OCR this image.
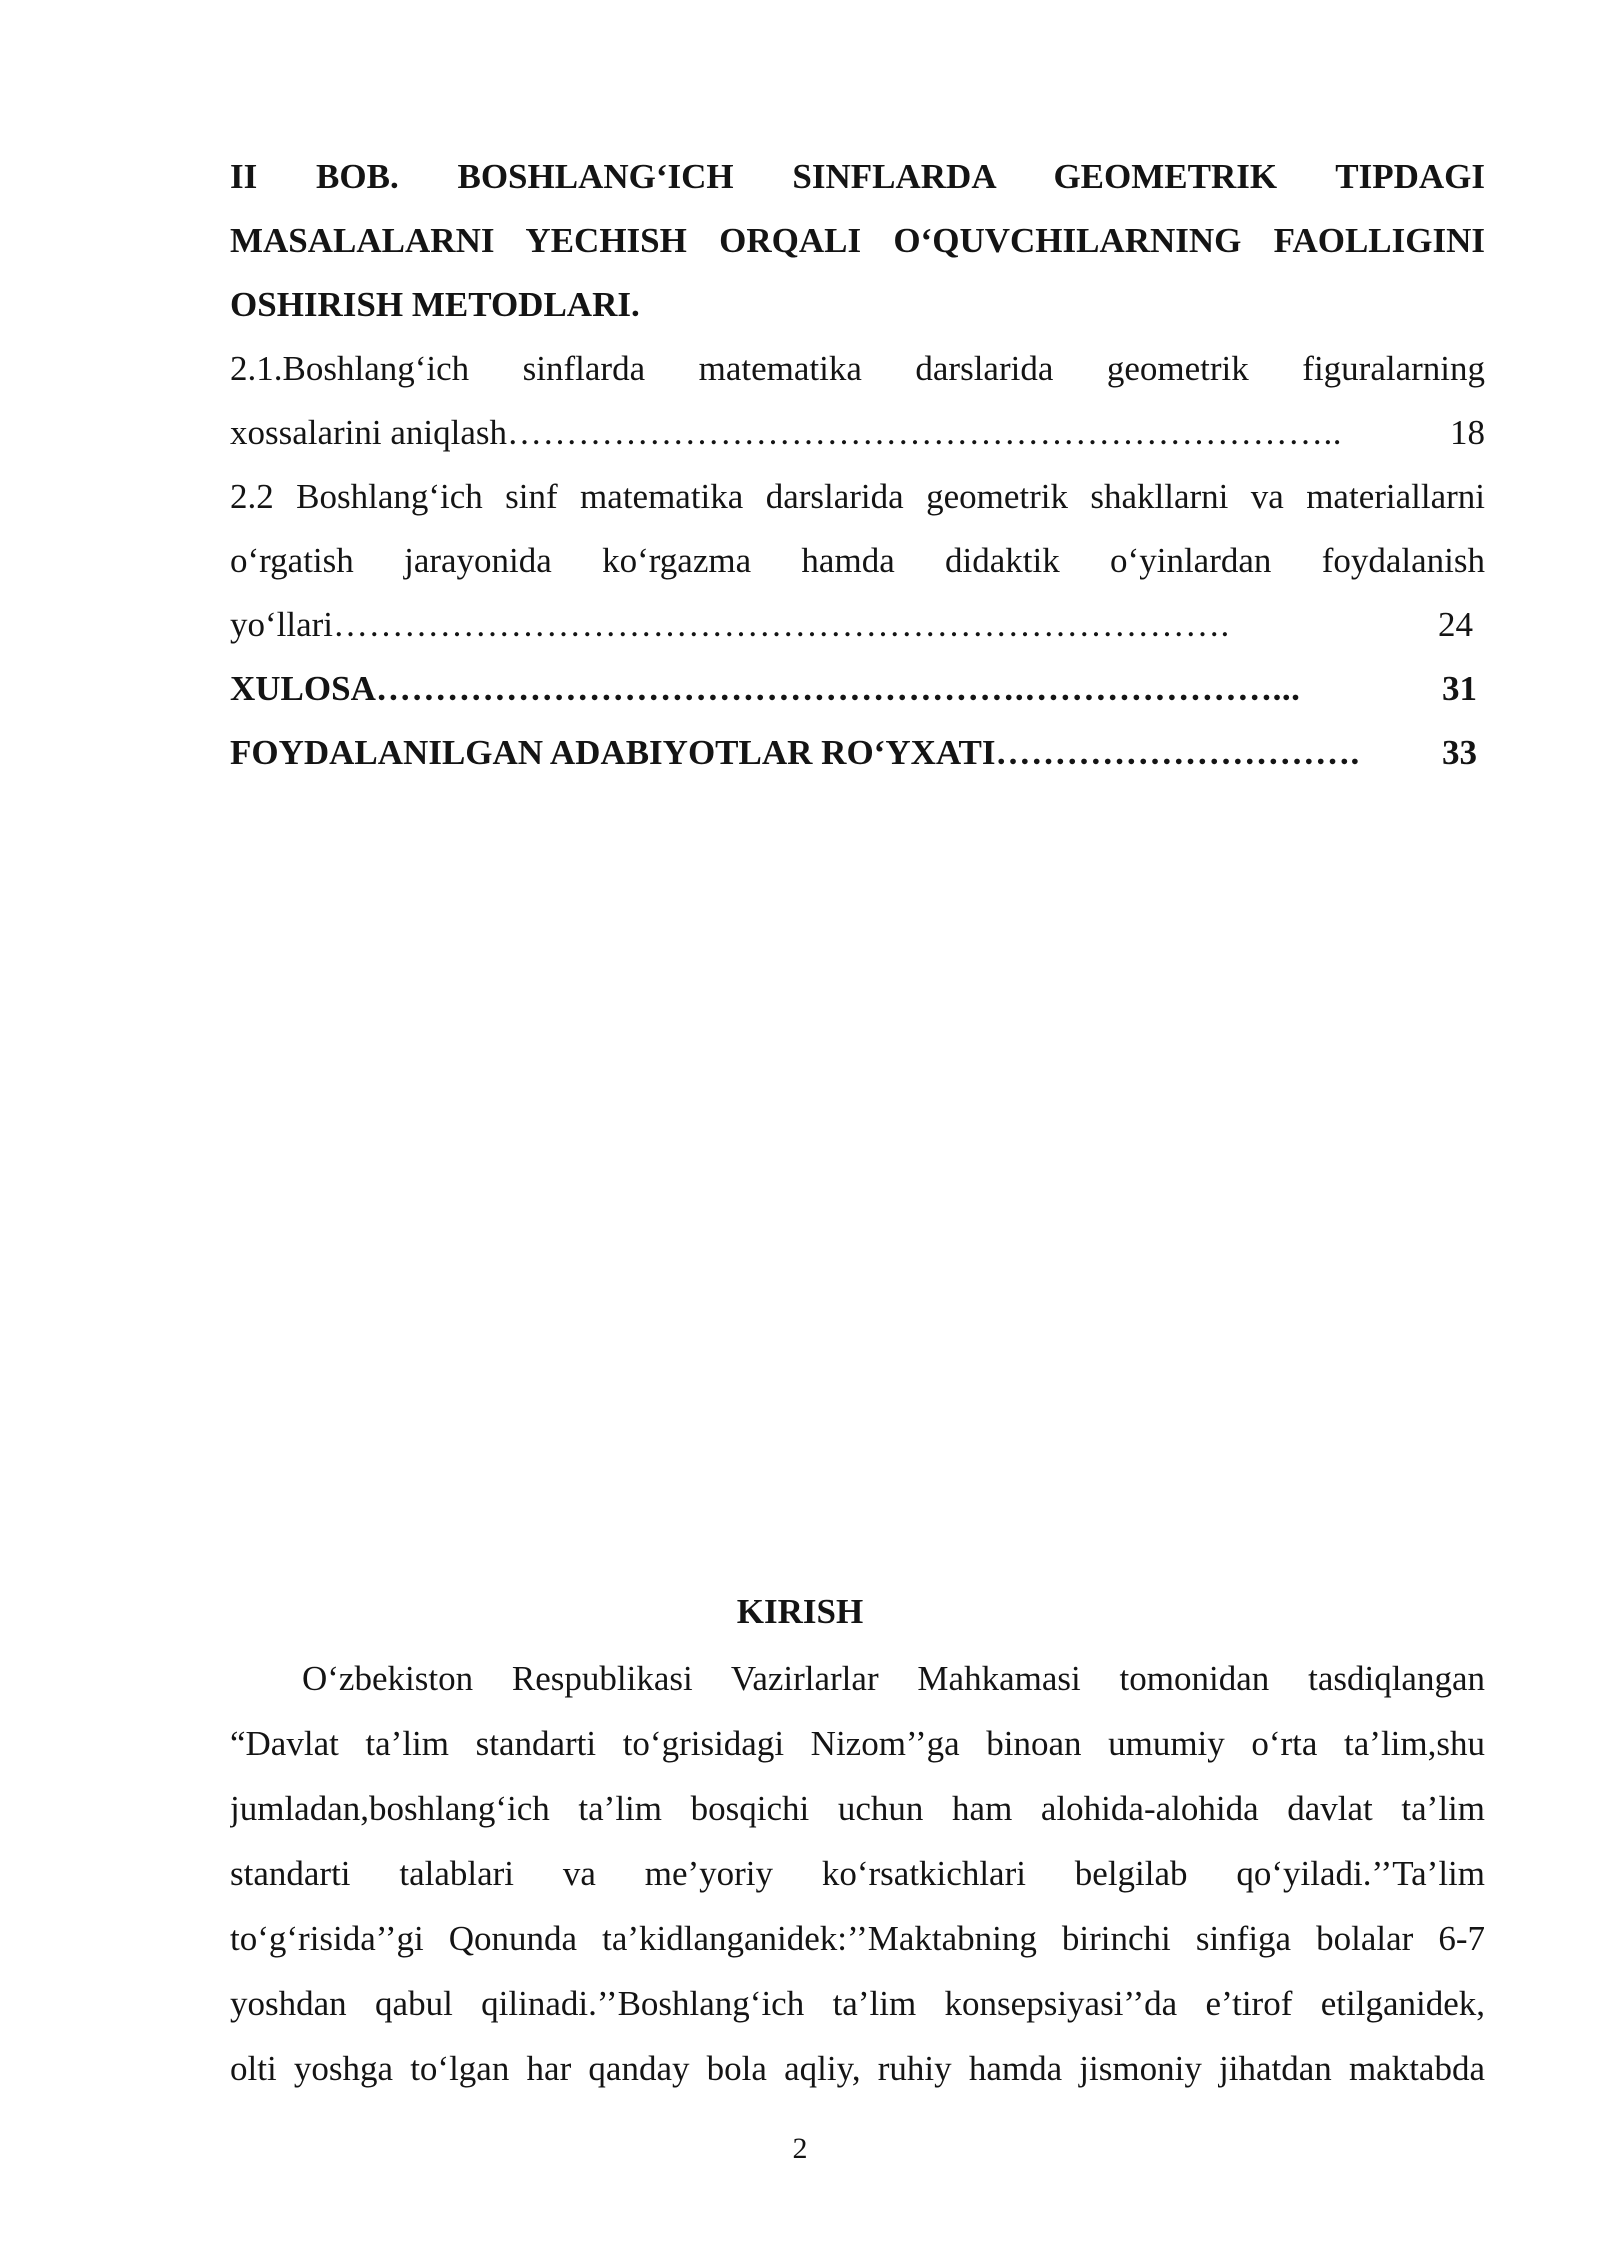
II BOB. BOSHLANG‘ICH SINFLARDA GEOMETRIK TIPDAGI
MASALALARNI YECHISH ORQALI O‘QUVCHILARNING FAOLLIGINI
OSHIRISH METODLARI.
2.1.Boshlang‘ich sinflarda matematika darslarida geometrik figuralarning
xossalarini aniqlash ……………………………………………………………..	18
2.2 Boshlang‘ich sinf matematika darslarida geometrik shakllarni va materiallarni
o‘rgatish jarayonida ko‘rgazma hamda didaktik o‘yinlardan foydalanish
yo‘llari ………………………………………………………………….	24
XULOSA ……………………………………………….…………………...	31
FOYDALANILGAN ADABIYOTLAR RO‘YXATI ………………………….	33
KIRISH
O‘zbekiston Respublikasi Vazirlarlar Mahkamasi tomonidan tasdiqlangan
“Davlat ta’lim standarti to‘grisidagi Nizom’’ga binoan umumiy o‘rta ta’lim,shu
jumladan,boshlang‘ich ta’lim bosqichi uchun ham alohida-alohida davlat ta’lim
standarti talablari va me’yoriy ko‘rsatkichlari belgilab qo‘yiladi.’’Ta’lim
to‘g‘risida’’gi Qonunda ta’kidlanganidek:’’Maktabning birinchi sinfiga bolalar 6-7
yoshdan qabul qilinadi.’’Boshlang‘ich ta’lim konsepsiyasi’’da e’tirof etilganidek,
olti yoshga to‘lgan har qanday bola aqliy, ruhiy hamda jismoniy jihatdan maktabda
2
